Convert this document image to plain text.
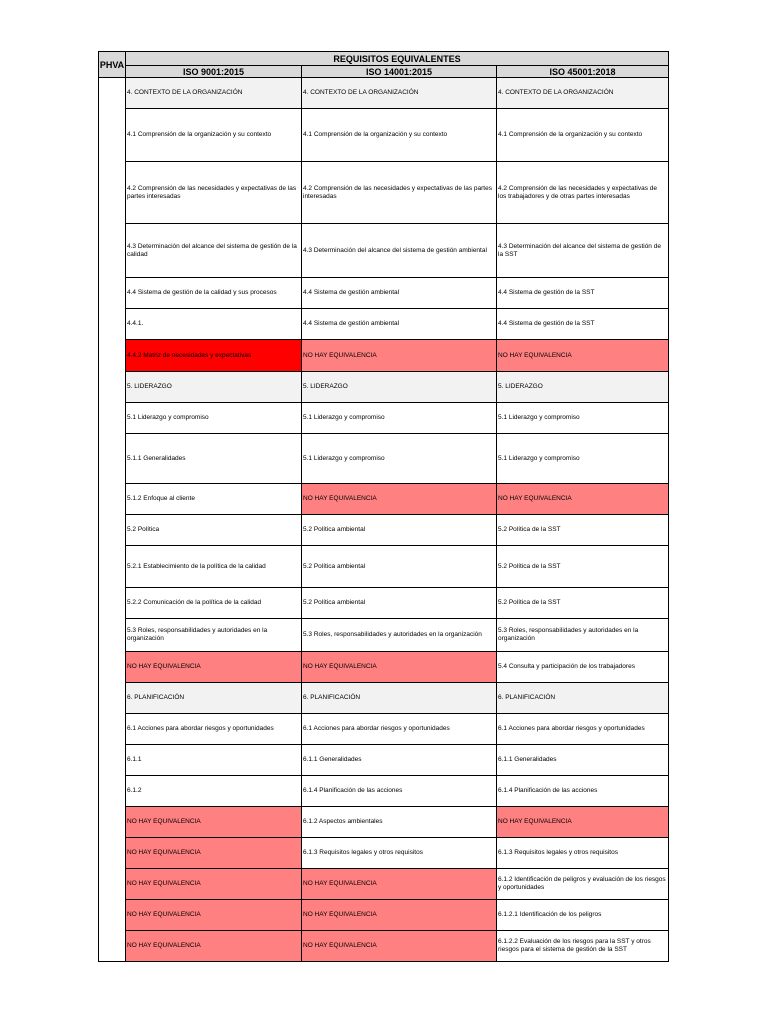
PHVA	REQUISITOS EQUIVALENTES		
	ISO 9001:2015	ISO 14001:2015	ISO 45001:2018
	4. CONTEXTO DE LA ORGANIZACIÓN	4. CONTEXTO DE LA ORGANIZACIÓN	4. CONTEXTO DE LA ORGANIZACIÓN
	4.1 Comprensión de la organización y su contexto	4.1 Comprensión de la organización y su contexto	4.1 Comprensión de la organización y su contexto
	4.2 Comprensión de las necesidades y expectativas de las partes interesadas	4.2 Comprensión de las necesidades y expectativas de las partes interesadas	4.2 Comprensión de las necesidades y expectativas de los trabajadores y de otras partes interesadas
	4.3 Determinación del alcance del sistema de gestión de la calidad	4.3 Determinación del alcance del sistema de gestión ambiental	4.3 Determinación del alcance del sistema de gestión de la SST
	4.4 Sistema de gestión de la calidad y sus procesos	4.4 Sistema de gestión ambiental	4.4 Sistema de gestión de la SST
	4.4.1.	4.4 Sistema de gestión ambiental	4.4 Sistema de gestión de la SST
	4.4.2 Matriz de necesidades y expectativas	NO HAY EQUIVALENCIA	NO HAY EQUIVALENCIA
	5. LIDERAZGO	5. LIDERAZGO	5. LIDERAZGO
	5.1 Liderazgo y compromiso	5.1 Liderazgo y compromiso	5.1 Liderazgo y compromiso
	5.1.1 Generalidades	5.1 Liderazgo y compromiso	5.1 Liderazgo y compromiso
	5.1.2 Enfoque al cliente	NO HAY EQUIVALENCIA	NO HAY EQUIVALENCIA
	5.2 Política	5.2 Política ambiental	5.2 Política de la SST
	5.2.1 Establecimiento de la política de la calidad	5.2 Política ambiental	5.2 Política de la SST
	5.2.2 Comunicación de la política de la calidad	5.2 Política ambiental	5.2 Política de la SST
	5.3 Roles, responsabilidades y autoridades en la organización	5.3 Roles, responsabilidades y autoridades en la organización	5.3 Roles, responsabilidades y autoridades en la organización
	NO HAY EQUIVALENCIA	NO HAY EQUIVALENCIA	5.4 Consulta y participación de los trabajadores
	6. PLANIFICACIÓN	6. PLANIFICACIÓN	6. PLANIFICACIÓN
	6.1 Acciones para abordar riesgos y oportunidades	6.1 Acciones para abordar riesgos y oportunidades	6.1 Acciones para abordar riesgos y oportunidades
	6.1.1	6.1.1 Generalidades	6.1.1 Generalidades
	6.1.2	6.1.4 Planificación de las acciones	6.1.4 Planificación de las acciones
	NO HAY EQUIVALENCIA	6.1.2 Aspectos ambientales	NO HAY EQUIVALENCIA
	NO HAY EQUIVALENCIA	6.1.3 Requisitos legales y otros requisitos	6.1.3 Requisitos legales y otros requisitos
	NO HAY EQUIVALENCIA	NO HAY EQUIVALENCIA	6.1.2 Identificación de peligros y evaluación de los riesgos y oportunidades
	NO HAY EQUIVALENCIA	NO HAY EQUIVALENCIA	6.1.2.1 Identificación de los peligros
	NO HAY EQUIVALENCIA	NO HAY EQUIVALENCIA	6.1.2.2 Evaluación de los riesgos para la SST y otros riesgos para el sistema de gestión de la SST
